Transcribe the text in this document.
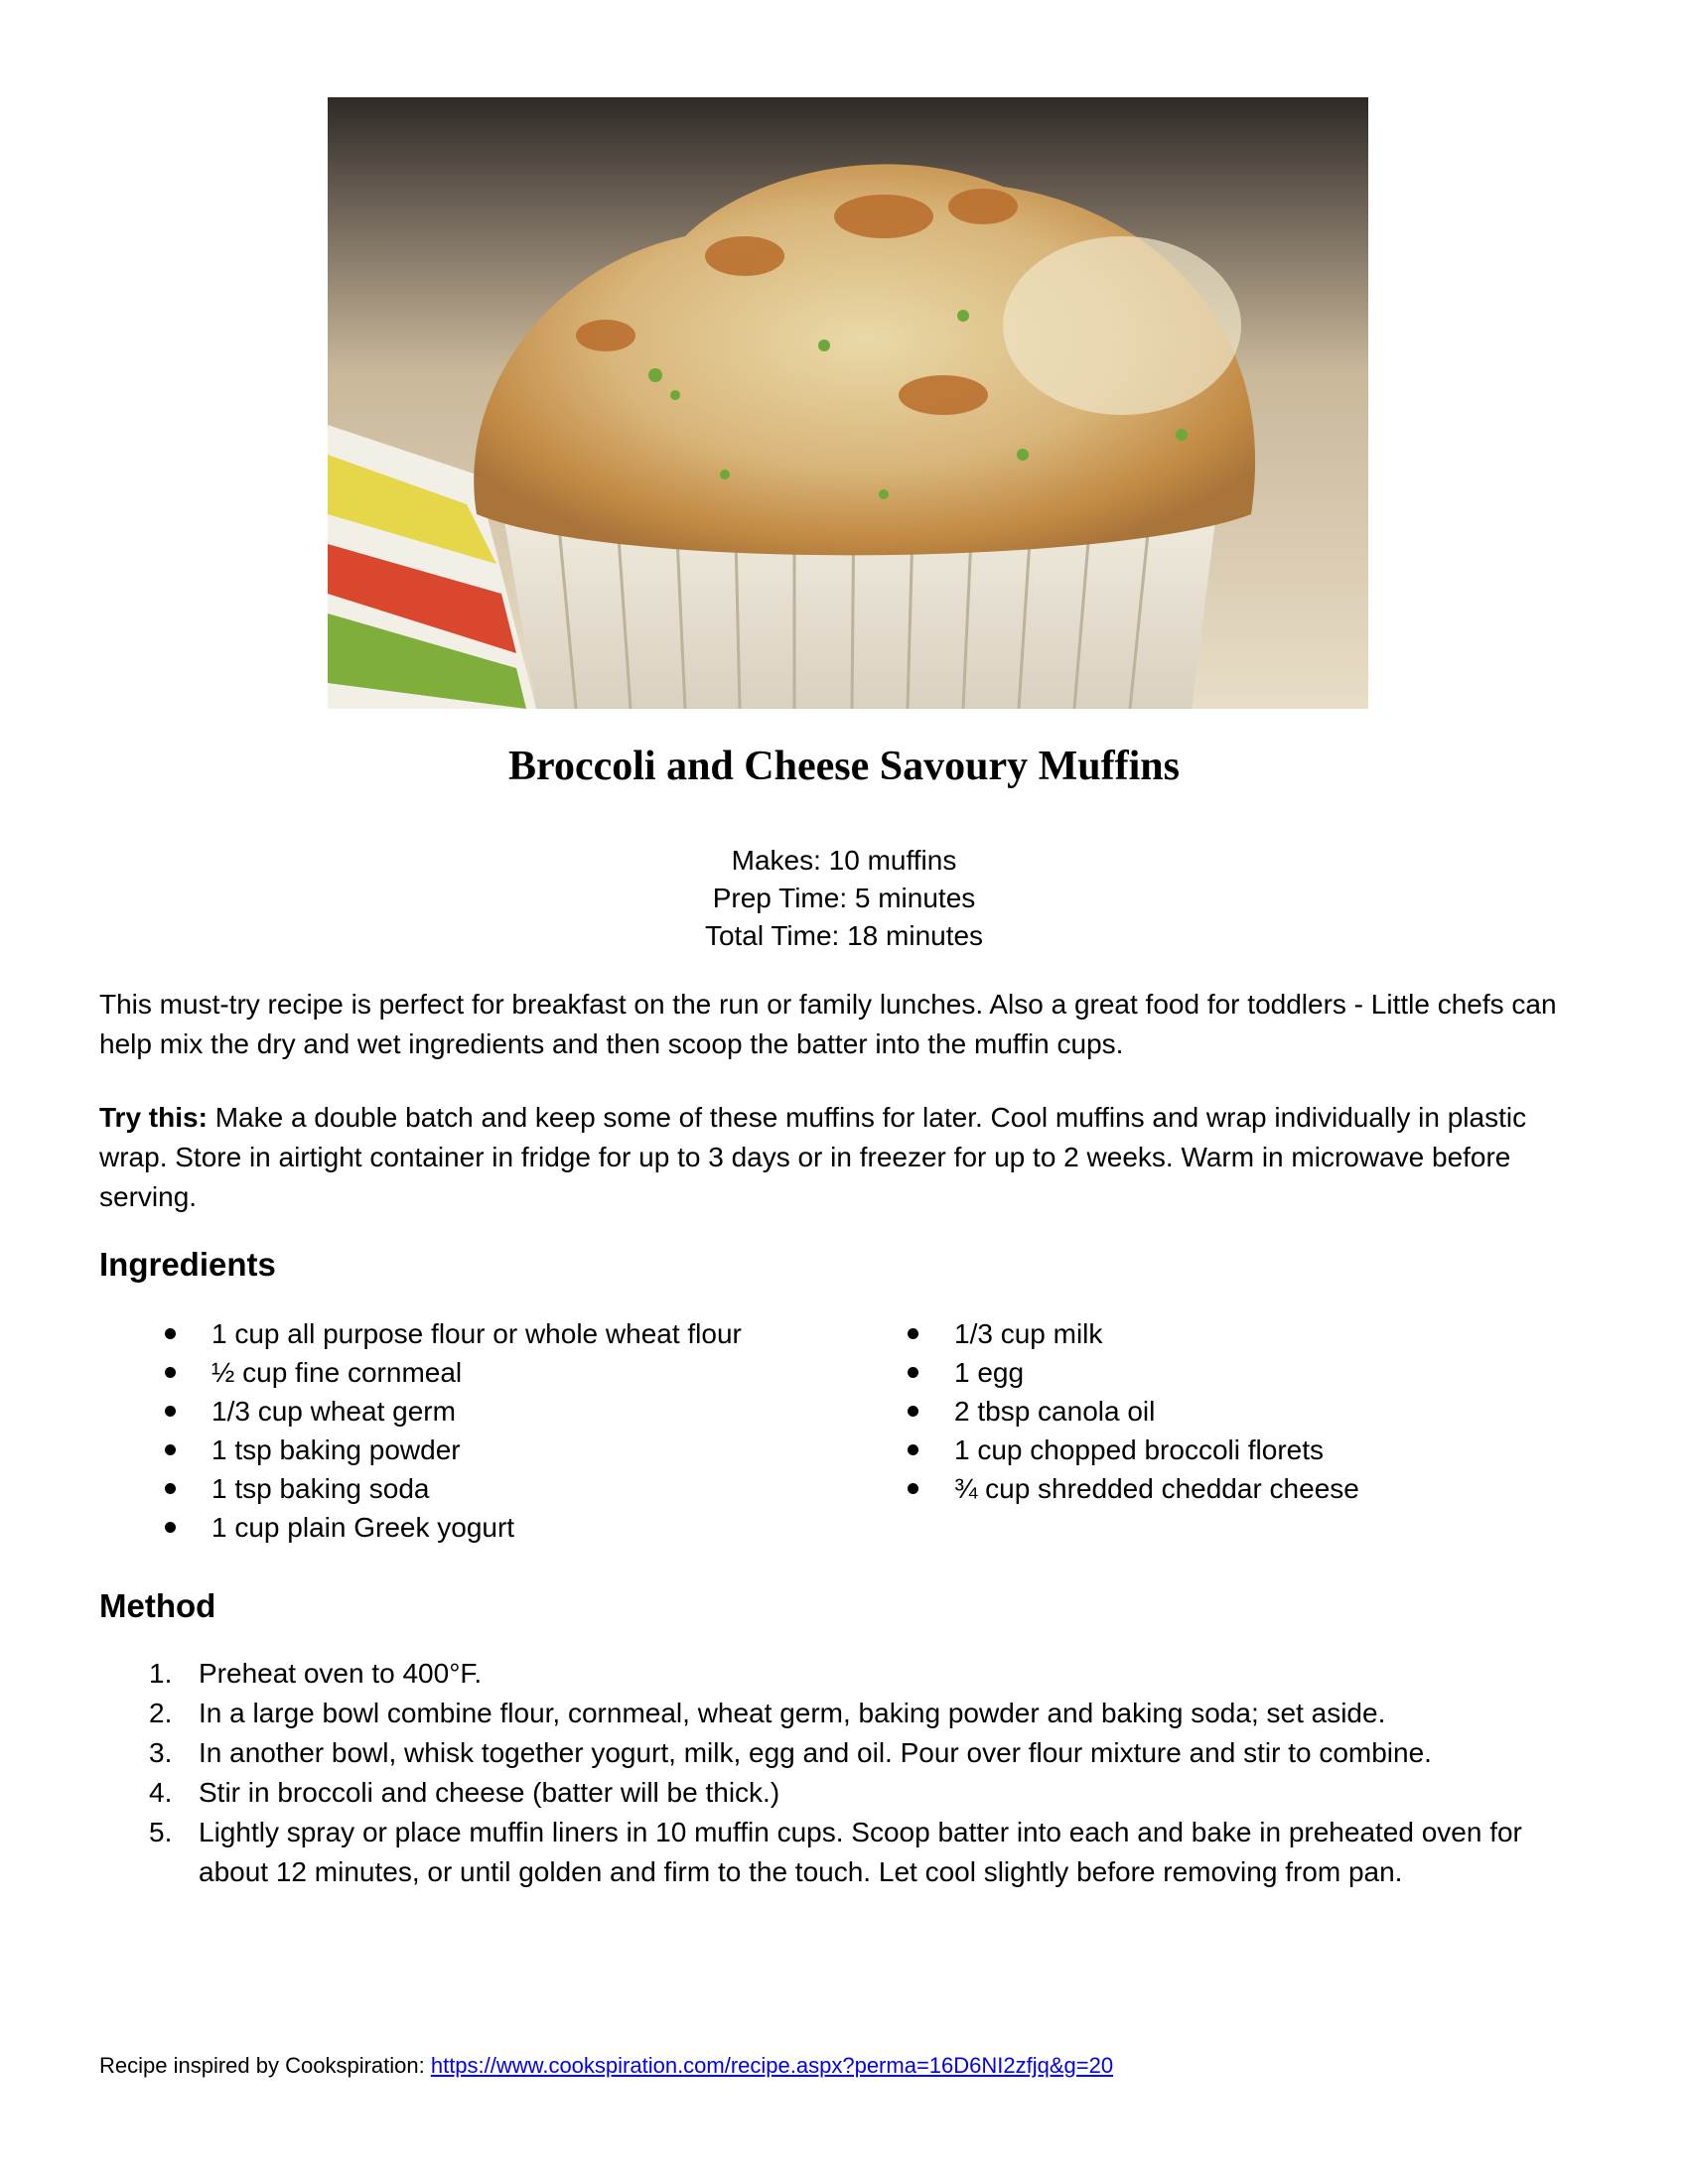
Broccoli and Cheese Savoury Muffins
Makes: 10 muffins
Prep Time: 5 minutes
Total Time: 18 minutes
This must-try recipe is perfect for breakfast on the run or family lunches. Also a great food for toddlers - Little chefs can help mix the dry and wet ingredients and then scoop the batter into the muffin cups.
Try this: Make a double batch and keep some of these muffins for later. Cool muffins and wrap individually in plastic wrap. Store in airtight container in fridge for up to 3 days or in freezer for up to 2 weeks. Warm in microwave before serving.
Ingredients
1 cup all purpose flour or whole wheat flour
½ cup fine cornmeal
1/3 cup wheat germ
1 tsp baking powder
1 tsp baking soda
1 cup plain Greek yogurt
1/3 cup milk
1 egg
2 tbsp canola oil
1 cup chopped broccoli florets
¾ cup shredded cheddar cheese
Method
1. Preheat oven to 400°F.
2. In a large bowl combine flour, cornmeal, wheat germ, baking powder and baking soda; set aside.
3. In another bowl, whisk together yogurt, milk, egg and oil. Pour over flour mixture and stir to combine.
4. Stir in broccoli and cheese (batter will be thick.)
5. Lightly spray or place muffin liners in 10 muffin cups. Scoop batter into each and bake in preheated oven for about 12 minutes, or until golden and firm to the touch. Let cool slightly before removing from pan.
Recipe inspired by Cookspiration: https://www.cookspiration.com/recipe.aspx?perma=16D6NI2zfjq&g=20
